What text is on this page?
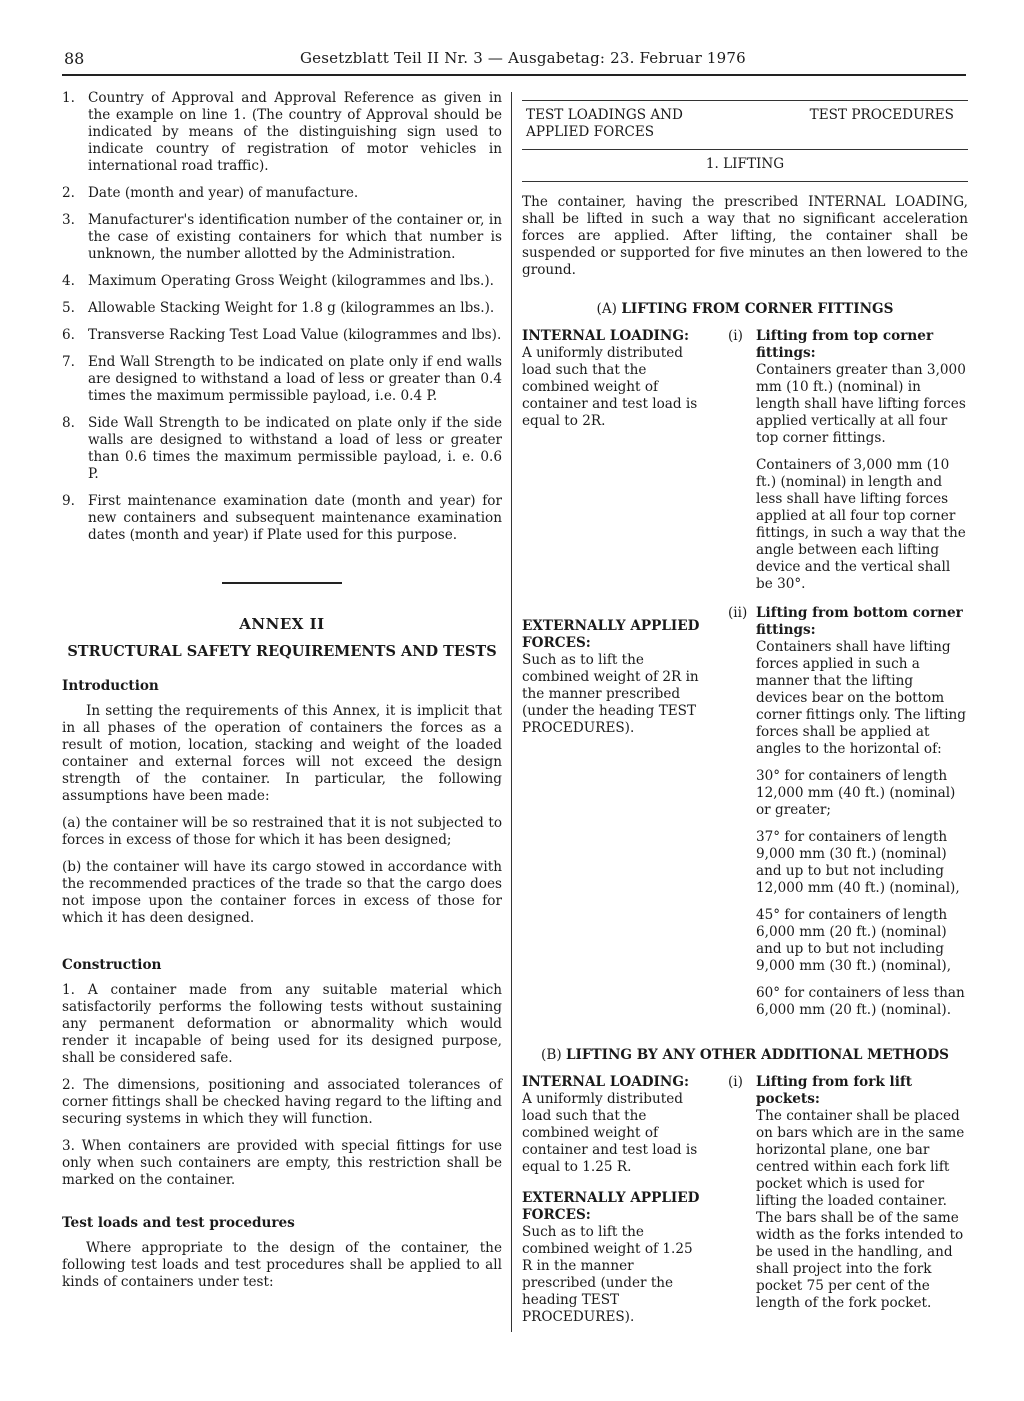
88	Gesetzblatt Teil II Nr. 3 — Ausgabetag: 23. Februar 1976
1. Country of Approval and Approval Reference as given in the example on line 1. (The country of Approval should be indicated by means of the distinguishing sign used to indicate country of registration of motor vehicles in international road traffic).
2. Date (month and year) of manufacture.
3. Manufacturer's identification number of the container or, in the case of existing containers for which that number is unknown, the number allotted by the Administration.
4. Maximum Operating Gross Weight (kilogrammes and lbs.).
5. Allowable Stacking Weight for 1.8 g (kilogrammes an lbs.).
6. Transverse Racking Test Load Value (kilogrammes and lbs).
7. End Wall Strength to be indicated on plate only if end walls are designed to withstand a load of less or greater than 0.4 times the maximum permissible payload, i.e. 0.4 P.
8. Side Wall Strength to be indicated on plate only if the side walls are designed to withstand a load of less or greater than 0.6 times the maximum permissible payload, i. e. 0.6 P.
9. First maintenance examination date (month and year) for new containers and subsequent maintenance examination dates (month and year) if Plate used for this purpose.
ANNEX II
STRUCTURAL SAFETY REQUIREMENTS AND TESTS
Introduction

In setting the requirements of this Annex, it is implicit that in all phases of the operation of containers the forces as a result of motion, location, stacking and weight of the loaded container and external forces will not exceed the design strength of the container. In particular, the following assumptions have been made:

(a) the container will be so restrained that it is not subjected to forces in excess of those for which it has been designed;

(b) the container will have its cargo stowed in accordance with the recommended practices of the trade so that the cargo does not impose upon the container forces in excess of those for which it has deen designed.

Construction

1. A container made from any suitable material which satisfactorily performs the following tests without sustaining any permanent deformation or abnormality which would render it incapable of being used for its designed purpose, shall be considered safe.

2. The dimensions, positioning and associated tolerances of corner fittings shall be checked having regard to the lifting and securing systems in which they will function.

3. When containers are provided with special fittings for use only when such containers are empty, this restriction shall be marked on the container.

Test loads and test procedures

Where appropriate to the design of the container, the following test loads and test procedures shall be applied to all kinds of containers under test:

TEST LOADINGS AND APPLIED FORCES
TEST PROCEDURES
1. LIFTING

The container, having the prescribed INTERNAL LOADING, shall be lifted in such a way that no significant acceleration forces are applied. After lifting, the container shall be suspended or supported for five minutes an then lowered to the ground.

(A) LIFTING FROM CORNER FITTINGS
INTERNAL LOADING:

A uniformly distributed load such that the combined weight of container and test load is equal to 2R.

EXTERNALLY APPLIED FORCES:

Such as to lift the combined weight of 2R in the manner prescribed (under the heading TEST PROCEDURES).

(i) Lifting from top corner fittings:

Containers greater than 3,000 mm (10 ft.) (nominal) in length shall have lifting forces applied vertically at all four top corner fittings.

Containers of 3,000 mm (10 ft.) (nominal) in length and less shall have lifting forces applied at all four top corner fittings, in such a way that the angle between each lifting device and the vertical shall be 30°.

(ii) Lifting from bottom corner fittings:

Containers shall have lifting forces applied in such a manner that the lifting devices bear on the bottom corner fittings only. The lifting forces shall be applied at angles to the horizontal of:

30° for containers of length 12,000 mm (40 ft.) (nominal) or greater;

37° for containers of length 9,000 mm (30 ft.) (nominal) and up to but not including 12,000 mm (40 ft.) (nominal),

45° for containers of length 6,000 mm (20 ft.) (nominal) and up to but not including 9,000 mm (30 ft.) (nominal),

60° for containers of less than 6,000 mm (20 ft.) (nominal).

(B) LIFTING BY ANY OTHER ADDITIONAL METHODS
INTERNAL LOADING:

A uniformly distributed load such that the combined weight of container and test load is equal to 1.25 R.

EXTERNALLY APPLIED FORCES:

Such as to lift the combined weight of 1.25 R in the manner prescribed (under the heading TEST PROCEDURES).

(i) Lifting from fork lift pockets:

The container shall be placed on bars which are in the same horizontal plane, one bar centred within each fork lift pocket which is used for lifting the loaded container. The bars shall be of the same width as the forks intended to be used in the handling, and shall project into the fork pocket 75 per cent of the length of the fork pocket.
